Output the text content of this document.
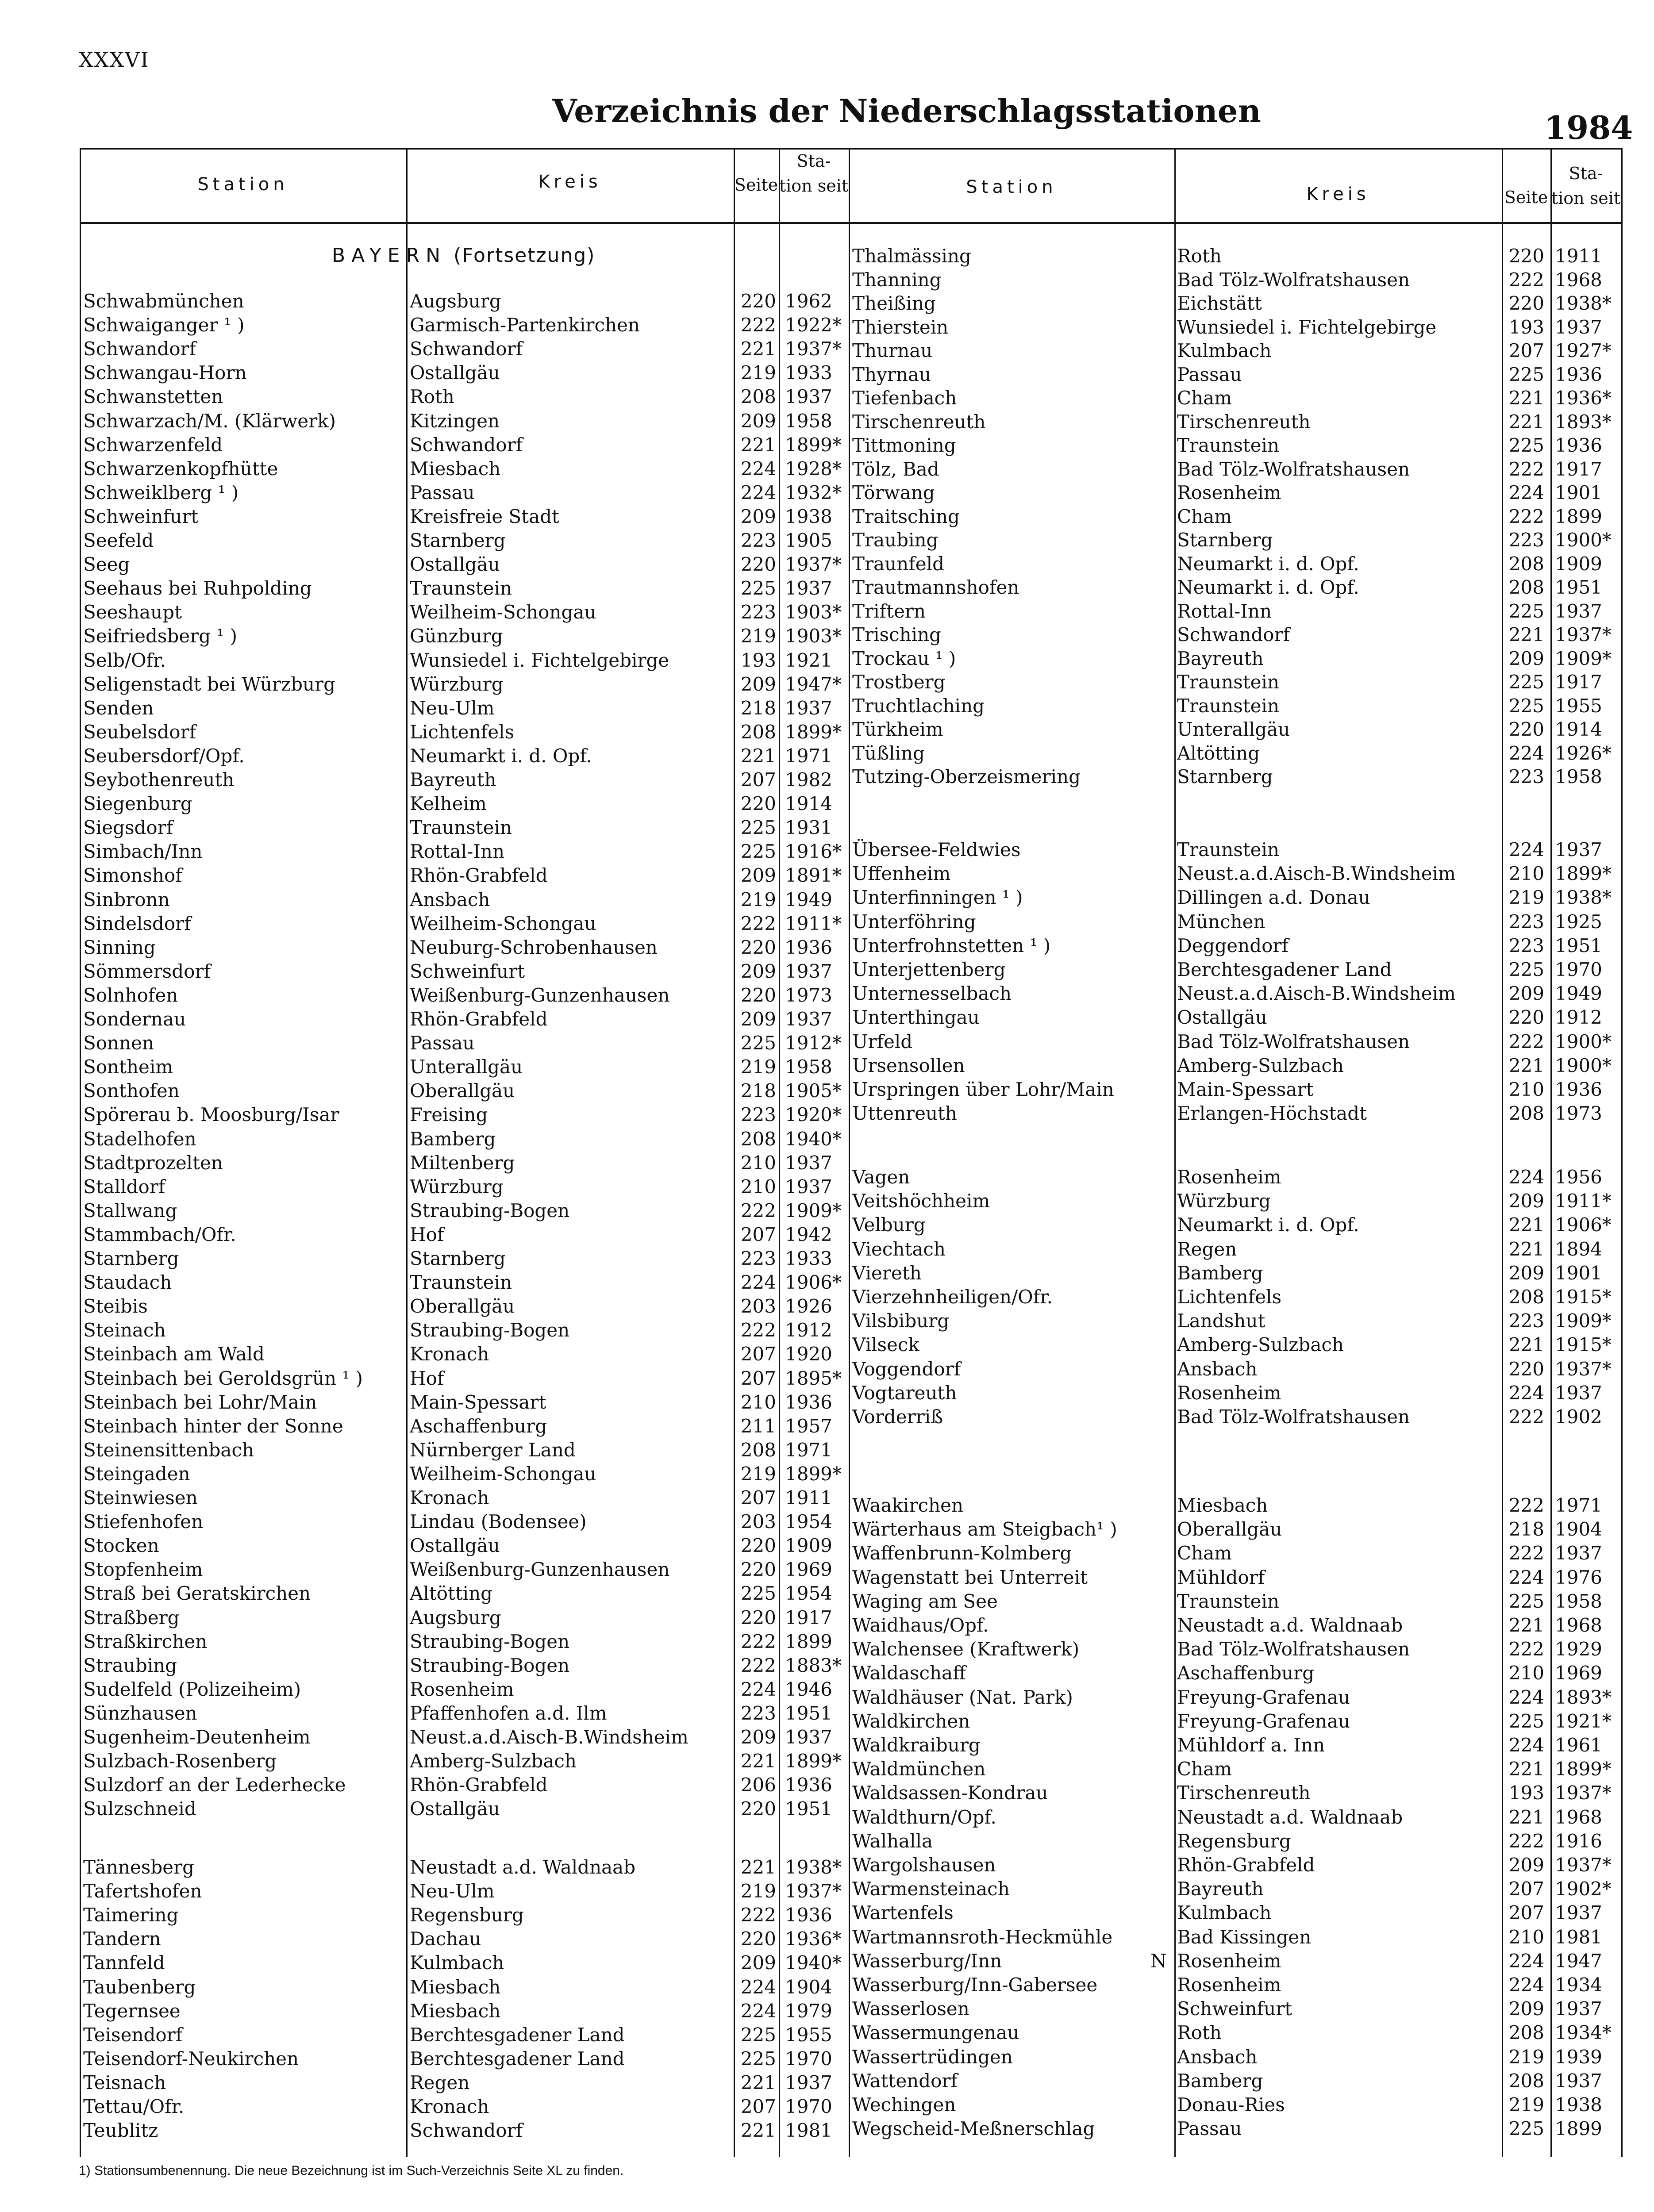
XXXVI
Verzeichnis der Niederschlagsstationen	1984
Station	Kreis	Seite
Sta- tion seit	Station	Kreis	Seite
Sta- tion seit
BAYERN (Fortsetzung)
Schwabmünchen	Augsburg	220 1962
Schwaiganger ¹ )	Garmisch-Partenkirchen	222 1922*
Schwandorf	Schwandorf	221 1937*
Schwangau-Horn	Ostallgäu	219 1933
Schwanstetten	Roth	208 1937
Schwarzach/M. (Klärwerk)	Kitzingen	209 1958
Schwarzenfeld	Schwandorf	221 1899*
Schwarzenkopfhütte	Miesbach	224 1928*
Schweiklberg ¹ )	Passau	224 1932*
Schweinfurt	Kreisfreie Stadt	209 1938
Seefeld	Starnberg	223 1905
Seeg	Ostallgäu	220 1937*
Seehaus bei Ruhpolding	Traunstein	225 1937
Seeshaupt	Weilheim-Schongau	223 1903*
Seifriedsberg ¹ )	Günzburg	219 1903*
Selb/Ofr.	Wunsiedel i. Fichtelgebirge	193 1921
Seligenstadt bei Würzburg	Würzburg	209 1947*
Senden	Neu-Ulm	218 1937
Seubelsdorf	Lichtenfels	208 1899*
Seubersdorf/Opf.	Neumarkt i. d. Opf.	221 1971
Seybothenreuth	Bayreuth	207 1982
Siegenburg	Kelheim	220 1914
Siegsdorf	Traunstein	225 1931
Simbach/Inn	Rottal-Inn	225 1916*
Simonshof	Rhön-Grabfeld	209 1891*
Sinbronn	Ansbach	219 1949
Sindelsdorf	Weilheim-Schongau	222 1911*
Sinning	Neuburg-Schrobenhausen	220 1936
Sömmersdorf	Schweinfurt	209 1937
Solnhofen	Weißenburg-Gunzenhausen	220 1973
Sondernau	Rhön-Grabfeld	209 1937
Sonnen	Passau	225 1912*
Sontheim	Unterallgäu	219 1958
Sonthofen	Oberallgäu	218 1905*
Spörerau b. Moosburg/Isar	Freising	223 1920*
Stadelhofen	Bamberg	208 1940*
Stadtprozelten	Miltenberg	210 1937
Stalldorf	Würzburg	210 1937
Stallwang	Straubing-Bogen	222 1909*
Stammbach/Ofr.	Hof	207 1942
Starnberg	Starnberg	223 1933
Staudach	Traunstein	224 1906*
Steibis	Oberallgäu	203 1926
Steinach	Straubing-Bogen	222 1912
Steinbach am Wald	Kronach	207 1920
Steinbach bei Geroldsgrün ¹ )	Hof	207 1895*
Steinbach bei Lohr/Main	Main-Spessart	210 1936
Steinbach hinter der Sonne	Aschaffenburg	211 1957
Steinensittenbach	Nürnberger Land	208 1971
Steingaden	Weilheim-Schongau	219 1899*
Steinwiesen	Kronach	207 1911
Stiefenhofen	Lindau (Bodensee)	203 1954
Stocken	Ostallgäu	220 1909
Stopfenheim	Weißenburg-Gunzenhausen	220 1969
Straß bei Geratskirchen	Altötting	225 1954
Straßberg	Augsburg	220 1917
Straßkirchen	Straubing-Bogen	222 1899
Straubing	Straubing-Bogen	222 1883*
Sudelfeld (Polizeiheim)	Rosenheim	224 1946
Sünzhausen	Pfaffenhofen a.d. Ilm	223 1951
Sugenheim-Deutenheim	Neust.a.d.Aisch-B.Windsheim	209 1937
Sulzbach-Rosenberg	Amberg-Sulzbach	221 1899*
Sulzdorf an der Lederhecke	Rhön-Grabfeld	206 1936
Sulzschneid	Ostallgäu	220 1951
Tännesberg	Neustadt a.d. Waldnaab	221 1938*
Tafertshofen	Neu-Ulm	219 1937*
Taimering	Regensburg	222 1936
Tandern	Dachau	220 1936*
Tannfeld	Kulmbach	209 1940*
Taubenberg	Miesbach	224 1904
Tegernsee	Miesbach	224 1979
Teisendorf	Berchtesgadener Land	225 1955
Teisendorf-Neukirchen	Berchtesgadener Land	225 1970
Teisnach	Regen	221 1937
Tettau/Ofr.	Kronach	207 1970
Teublitz	Schwandorf	221 1981
Thalmässing	Roth	220 1911
Thanning	Bad Tölz-Wolfratshausen	222 1968
Theißing	Eichstätt	220 1938*
Thierstein	Wunsiedel i. Fichtelgebirge	193 1937
Thurnau	Kulmbach	207 1927*
Thyrnau	Passau	225 1936
Tiefenbach	Cham	221 1936*
Tirschenreuth	Tirschenreuth	221 1893*
Tittmoning	Traunstein	225 1936
Tölz, Bad	Bad Tölz-Wolfratshausen	222 1917
Törwang	Rosenheim	224 1901
Traitsching	Cham	222 1899
Traubing	Starnberg	223 1900*
Traunfeld	Neumarkt i. d. Opf.	208 1909
Trautmannshofen	Neumarkt i. d. Opf.	208 1951
Triftern	Rottal-Inn	225 1937
Trisching	Schwandorf	221 1937*
Trockau ¹ )	Bayreuth	209 1909*
Trostberg	Traunstein	225 1917
Truchtlaching	Traunstein	225 1955
Türkheim	Unterallgäu	220 1914
Tüßling	Altötting	224 1926*
Tutzing-Oberzeismering	Starnberg	223 1958
Übersee-Feldwies	Traunstein	224 1937
Uffenheim	Neust.a.d.Aisch-B.Windsheim	210 1899*
Unterfinningen ¹ )	Dillingen a.d. Donau	219 1938*
Unterföhring	München	223 1925
Unterfrohnstetten ¹ )	Deggendorf	223 1951
Unterjettenberg	Berchtesgadener Land	225 1970
Unternesselbach	Neust.a.d.Aisch-B.Windsheim	209 1949
Unterthingau	Ostallgäu	220 1912
Urfeld	Bad Tölz-Wolfratshausen	222 1900*
Ursensollen	Amberg-Sulzbach	221 1900*
Urspringen über Lohr/Main	Main-Spessart	210 1936
Uttenreuth	Erlangen-Höchstadt	208 1973
Vagen	Rosenheim	224 1956
Veitshöchheim	Würzburg	209 1911*
Velburg	Neumarkt i. d. Opf.	221 1906*
Viechtach	Regen	221 1894
Viereth	Bamberg	209 1901
Vierzehnheiligen/Ofr.	Lichtenfels	208 1915*
Vilsbiburg	Landshut	223 1909*
Vilseck	Amberg-Sulzbach	221 1915*
Voggendorf	Ansbach	220 1937*
Vogtareuth	Rosenheim	224 1937
Vorderriß	Bad Tölz-Wolfratshausen	222 1902
Waakirchen	Miesbach	222 1971
Wärterhaus am Steigbach¹ )	Oberallgäu	218 1904
Waffenbrunn-Kolmberg	Cham	222 1937
Wagenstatt bei Unterreit	Mühldorf	224 1976
Waging am See	Traunstein	225 1958
Waidhaus/Opf.	Neustadt a.d. Waldnaab	221 1968
Walchensee (Kraftwerk)	Bad Tölz-Wolfratshausen	222 1929
Waldaschaff	Aschaffenburg	210 1969
Waldhäuser (Nat. Park)	Freyung-Grafenau	224 1893*
Waldkirchen	Freyung-Grafenau	225 1921*
Waldkraiburg	Mühldorf a. Inn	224 1961
Waldmünchen	Cham	221 1899*
Waldsassen-Kondrau	Tirschenreuth	193 1937*
Waldthurn/Opf.	Neustadt a.d. Waldnaab	221 1968
Walhalla	Regensburg	222 1916
Wargolshausen	Rhön-Grabfeld	209 1937*
Warmensteinach	Bayreuth	207 1902*
Wartenfels	Kulmbach	207 1937
Wartmannsroth-Heckmühle	Bad Kissingen	210 1981
Wasserburg/Inn	Rosenheim	224 1947
N
Wasserburg/Inn-Gabersee	Rosenheim	224 1934
Wasserlosen	Schweinfurt	209 1937
Wassermungenau	Roth	208 1934*
Wassertrüdingen	Ansbach	219 1939
Wattendorf	Bamberg	208 1937
Wechingen	Donau-Ries	219 1938
Wegscheid-Meßnerschlag	Passau	225 1899
1) Stationsumbenennung. Die neue Bezeichnung ist im Such-Verzeichnis Seite XL zu finden.
